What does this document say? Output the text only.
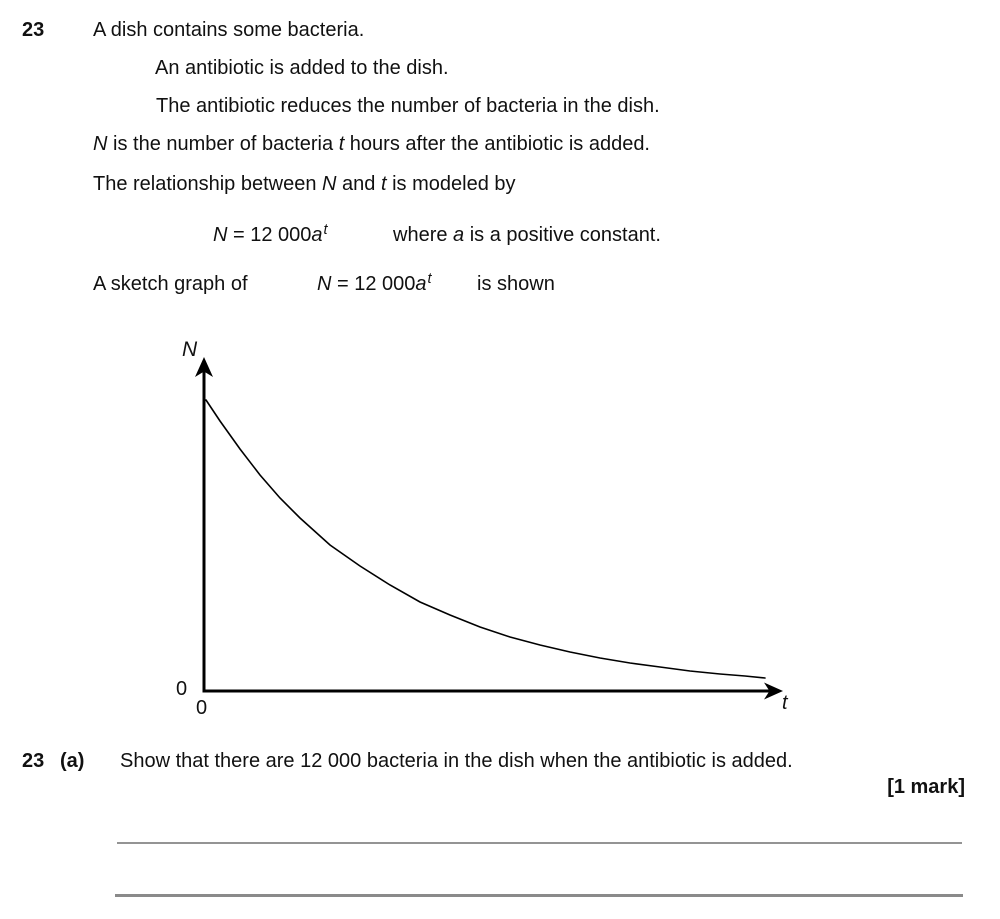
23 A dish contains some bacteria.
An antibiotic is added to the dish.
The antibiotic reduces the number of bacteria in the dish.
N is the number of bacteria t hours after the antibiotic is added.
The relationship between N and t is modeled by
N = 12 $000a^t$	where a is a positive constant.
A sketch graph of	N = 12 $000a^t$ is shown
N
t
0
0
23 (a) Show that there are 12 000 bacteria in the dish when the antibiotic is added.
[1 mark]
